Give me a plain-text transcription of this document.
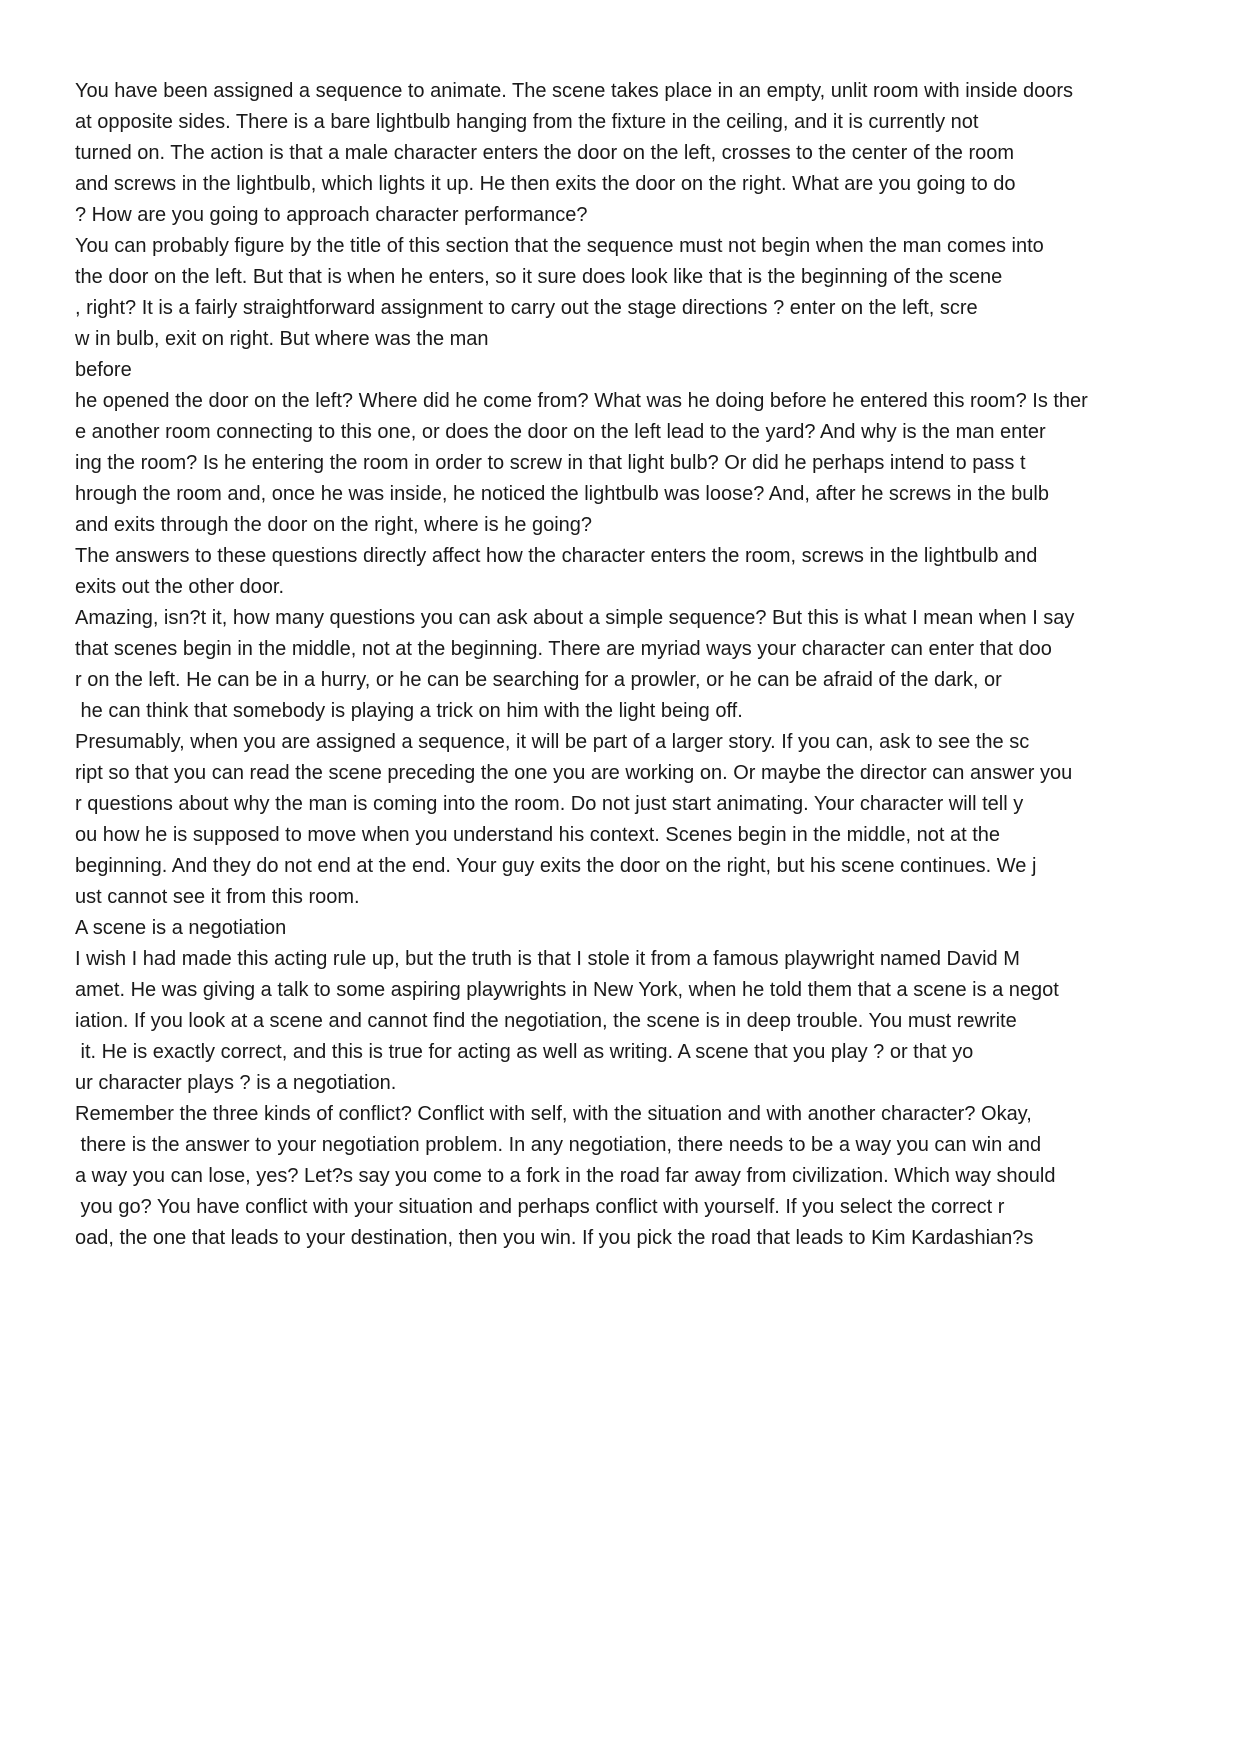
You have been assigned a sequence to animate. The scene takes place in an empty, unlit room with inside doors
at opposite sides. There is a bare lightbulb hanging from the fixture in the ceiling, and it is currently not
turned on. The action is that a male character enters the door on the left, crosses to the center of the room
and screws in the lightbulb, which lights it up. He then exits the door on the right. What are you going to do
? How are you going to approach character performance?
You can probably figure by the title of this section that the sequence must not begin when the man comes into
the door on the left. But that is when he enters, so it sure does look like that is the beginning of the scene
, right? It is a fairly straightforward assignment to carry out the stage directions ? enter on the left, scre
w in bulb, exit on right. But where was the man
before
he opened the door on the left? Where did he come from? What was he doing before he entered this room? Is ther
e another room connecting to this one, or does the door on the left lead to the yard? And why is the man enter
ing the room? Is he entering the room in order to screw in that light bulb? Or did he perhaps intend to pass t
hrough the room and, once he was inside, he noticed the lightbulb was loose? And, after he screws in the bulb
and exits through the door on the right, where is he going?
The answers to these questions directly affect how the character enters the room, screws in the lightbulb and
exits out the other door.
Amazing, isn?t it, how many questions you can ask about a simple sequence? But this is what I mean when I say
that scenes begin in the middle, not at the beginning. There are myriad ways your character can enter that doo
r on the left. He can be in a hurry, or he can be searching for a prowler, or he can be afraid of the dark, or
he can think that somebody is playing a trick on him with the light being off.
Presumably, when you are assigned a sequence, it will be part of a larger story. If you can, ask to see the sc
ript so that you can read the scene preceding the one you are working on. Or maybe the director can answer you
r questions about why the man is coming into the room. Do not just start animating. Your character will tell y
ou how he is supposed to move when you understand his context. Scenes begin in the middle, not at the
beginning. And they do not end at the end. Your guy exits the door on the right, but his scene continues. We j
ust cannot see it from this room.
A scene is a negotiation
I wish I had made this acting rule up, but the truth is that I stole it from a famous playwright named David M
amet. He was giving a talk to some aspiring playwrights in New York, when he told them that a scene is a negot
iation. If you look at a scene and cannot find the negotiation, the scene is in deep trouble. You must rewrite
it. He is exactly correct, and this is true for acting as well as writing. A scene that you play ? or that yo
ur character plays ? is a negotiation.
Remember the three kinds of conflict? Conflict with self, with the situation and with another character? Okay,
there is the answer to your negotiation problem. In any negotiation, there needs to be a way you can win and
a way you can lose, yes? Let?s say you come to a fork in the road far away from civilization. Which way should
you go? You have conflict with your situation and perhaps conflict with yourself. If you select the correct r
oad, the one that leads to your destination, then you win. If you pick the road that leads to Kim Kardashian?s
